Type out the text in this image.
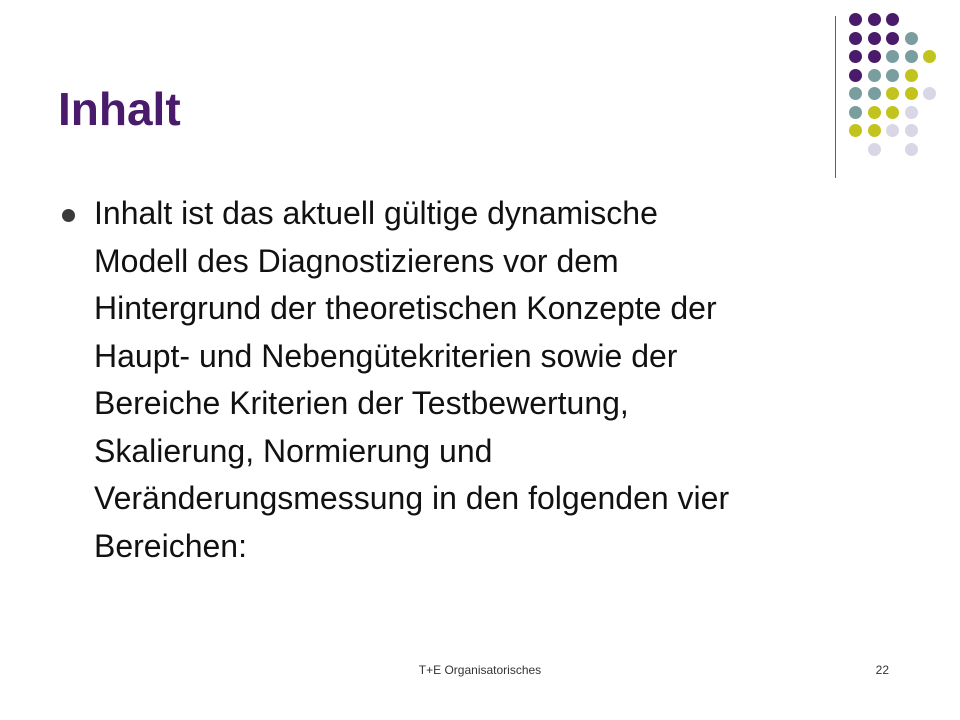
Inhalt
Inhalt ist das aktuell gültige dynamische
Modell des Diagnostizierens vor dem
Hintergrund der theoretischen Konzepte der
Haupt- und Nebengütekriterien sowie der
Bereiche Kriterien der Testbewertung,
Skalierung, Normierung und
Veränderungsmessung in den folgenden vier
Bereichen:
T+E Organisatorisches	22
